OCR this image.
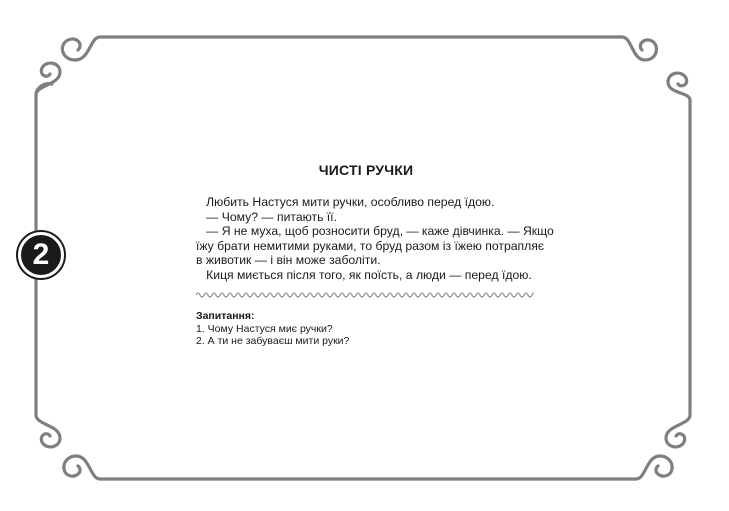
2
ЧИСТІ РУЧКИ
Любить Настуся мити ручки, особливо перед їдою.
— Чому? — питають її.
— Я не муха, щоб розносити бруд, — каже дівчинка. — Якщо
їжу брати немитими руками, то бруд разом із їжею потрапляє
в животик — і він може заболіти.
Киця миється після того, як поїсть, а люди — перед їдою.
Запитання:
1. Чому Настуся миє ручки?
2. А ти не забуваєш мити руки?
